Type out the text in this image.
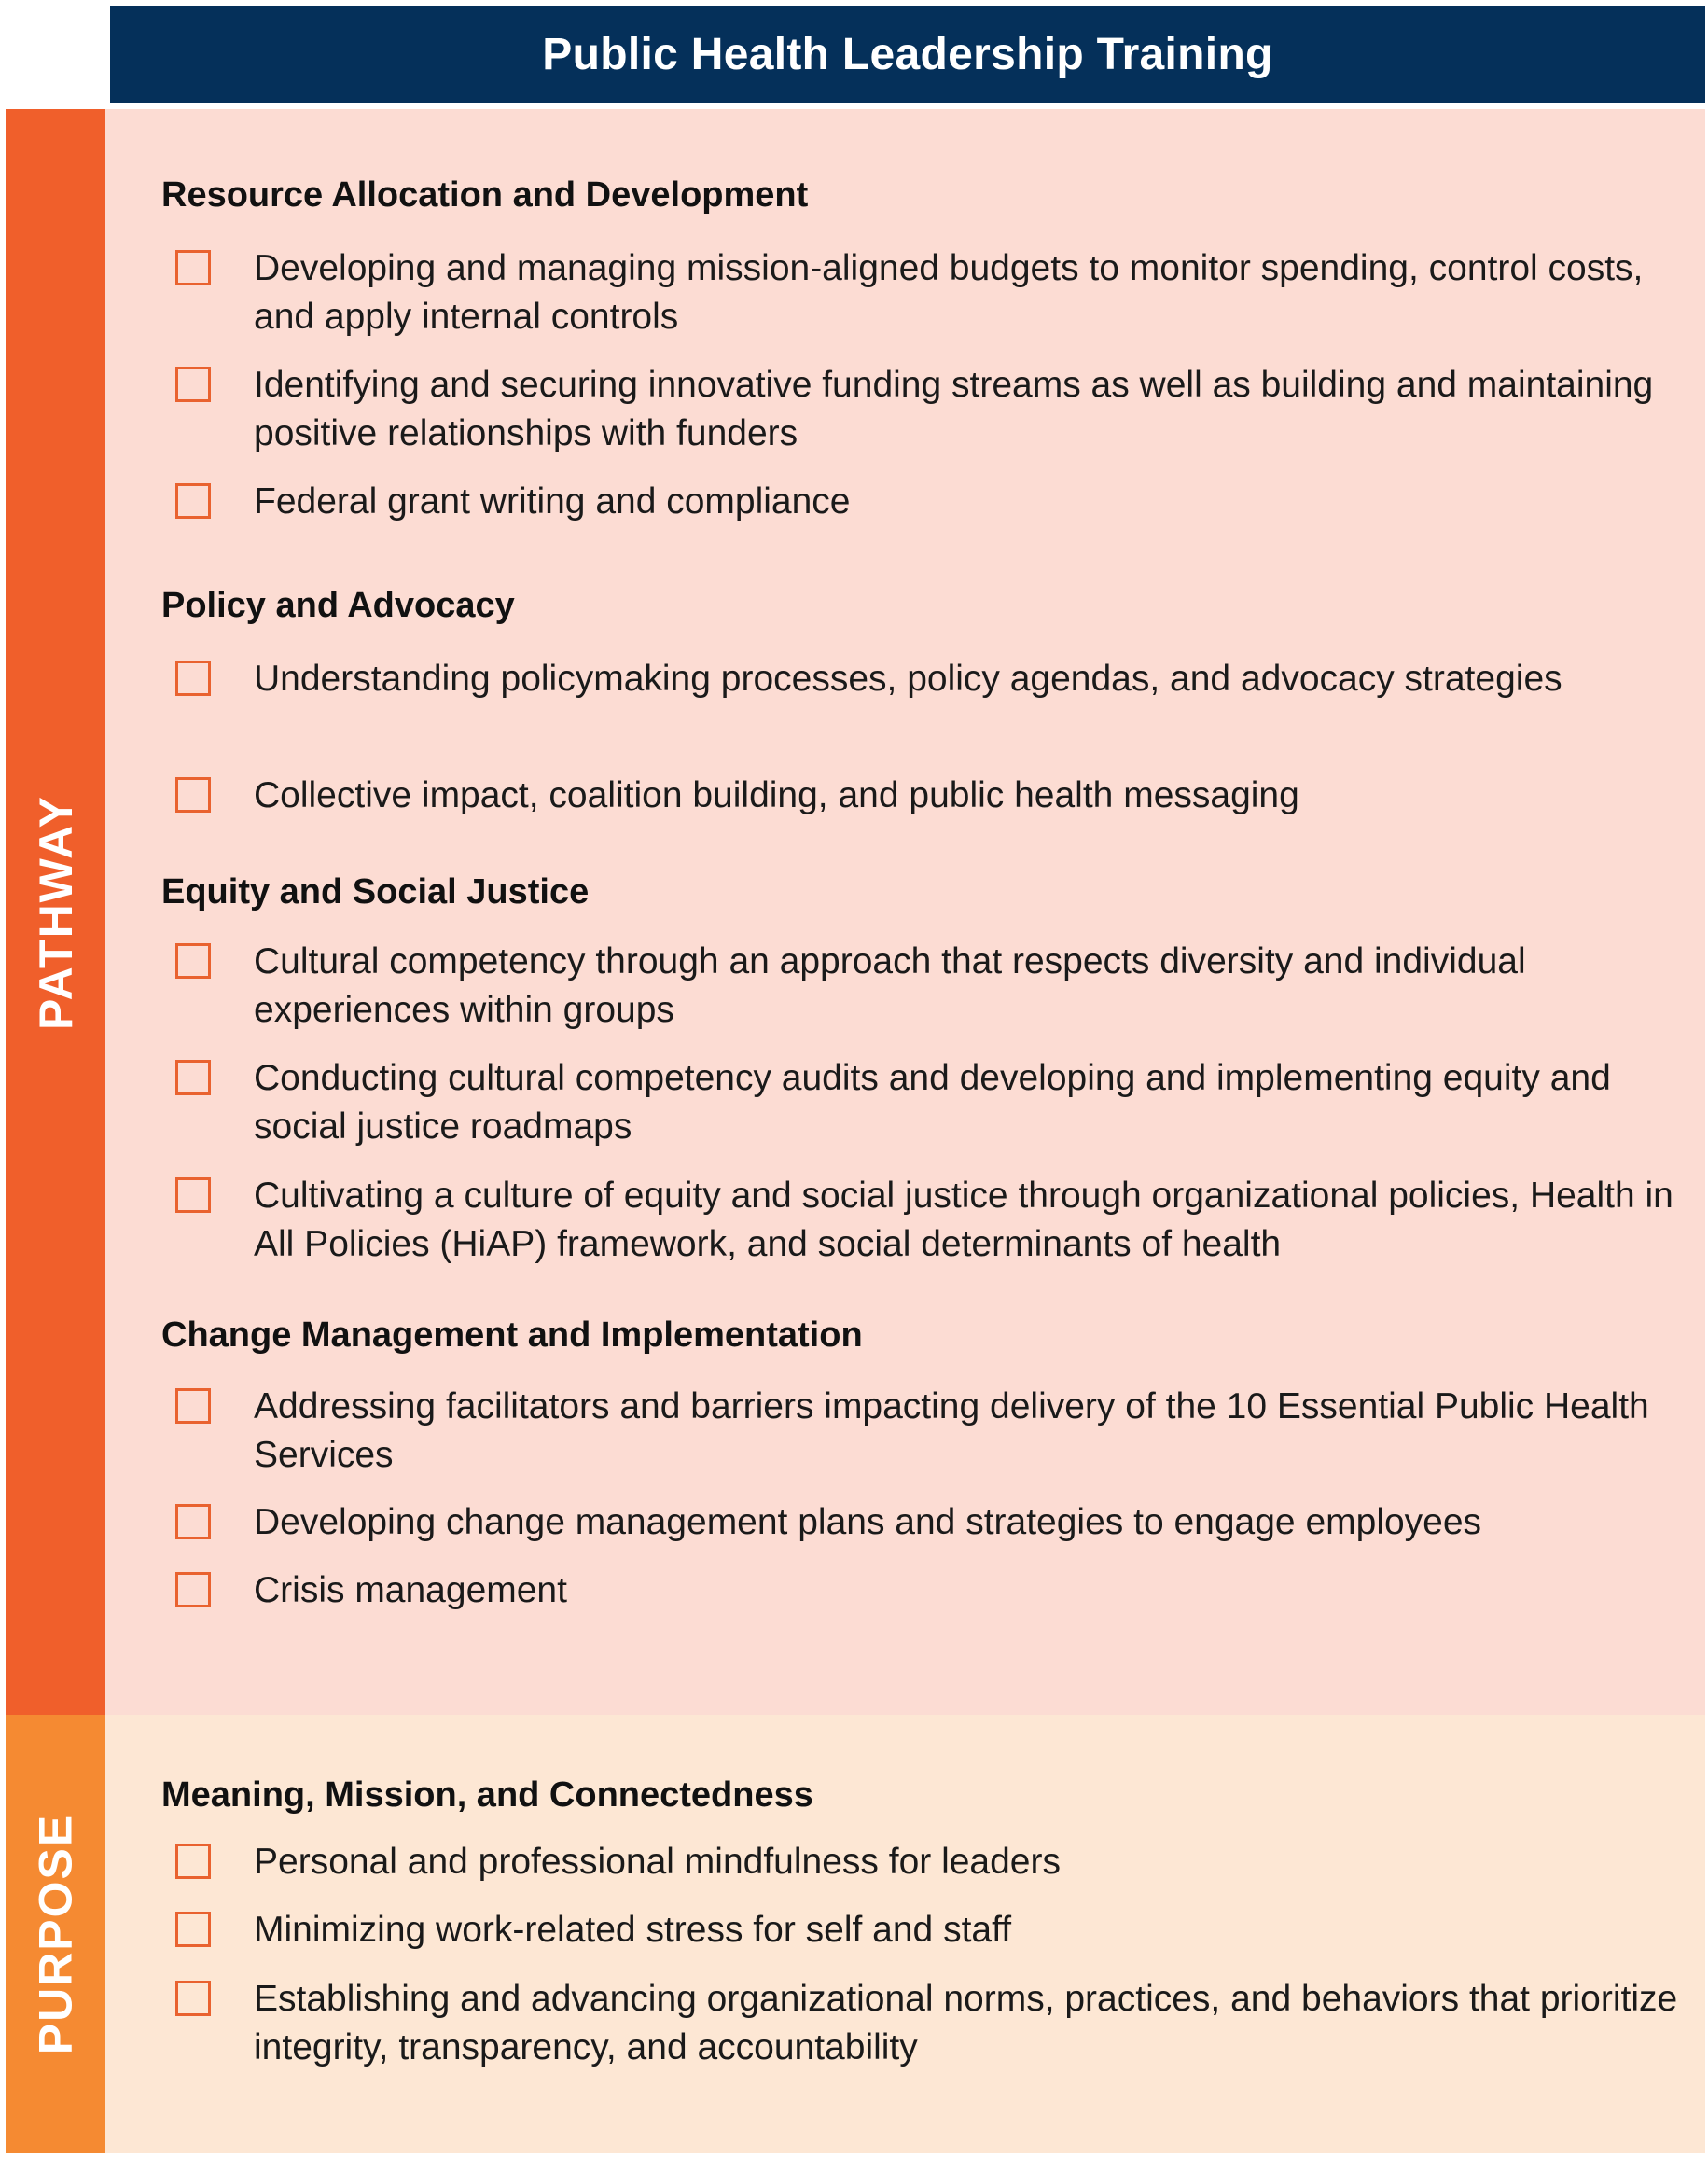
Public Health Leadership Training
PATHWAY
PURPOSE
Resource Allocation and Development
Developing and managing mission-aligned budgets to monitor spending, control costs, and apply internal controls
Identifying and securing innovative funding streams as well as building and maintaining positive relationships with funders
Federal grant writing and compliance
Policy and Advocacy
Understanding policymaking processes, policy agendas, and advocacy strategies
Collective impact, coalition building, and public health messaging
Equity and Social Justice
Cultural competency through an approach that respects diversity and individual experiences within groups
Conducting cultural competency audits and developing and implementing equity and social justice roadmaps
Cultivating a culture of equity and social justice through organizational policies, Health in All Policies (HiAP) framework, and social determinants of health
Change Management and Implementation
Addressing facilitators and barriers impacting delivery of the 10 Essential Public Health Services
Developing change management plans and strategies to engage employees
Crisis management
Meaning, Mission, and Connectedness
Personal and professional mindfulness for leaders
Minimizing work-related stress for self and staff
Establishing and advancing organizational norms, practices, and behaviors that prioritize integrity, transparency, and accountability
